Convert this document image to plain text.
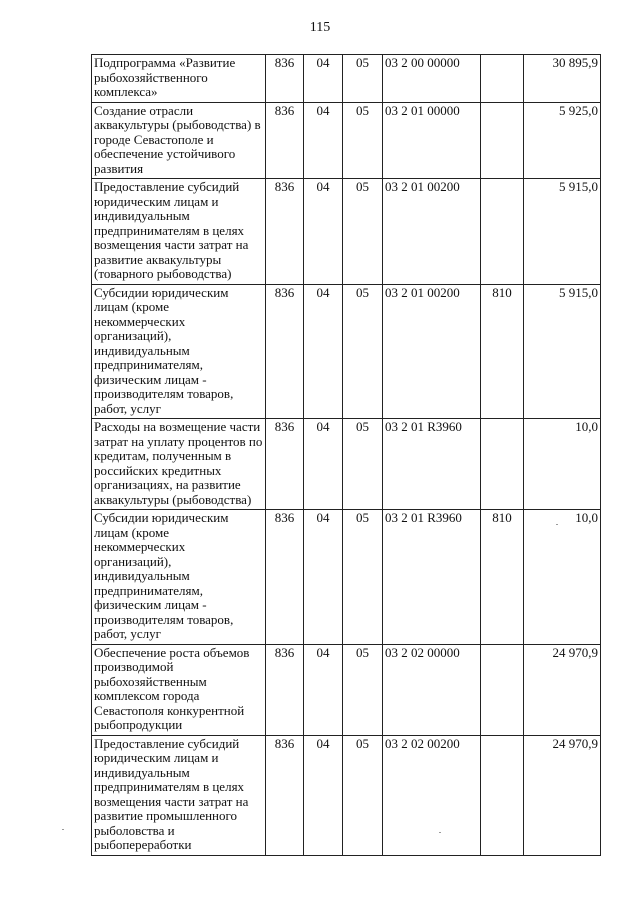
115
Подпрограмма «Развитие рыбохозяйственного комплекса»	836	04	05	03 2 00 00000		30 895,9
Создание отрасли аквакультуры (рыбоводства) в городе Севастополе и обеспечение устойчивого развития	836	04	05	03 2 01 00000		5 925,0
Предоставление субсидий юридическим лицам и индивидуальным предпринимателям в целях возмещения части затрат на развитие аквакультуры (товарного рыбоводства)	836	04	05	03 2 01 00200		5 915,0
Субсидии юридическим лицам (кроме некоммерческих организаций), индивидуальным предпринимателям, физическим лицам - производителям товаров, работ, услуг	836	04	05	03 2 01 00200	810	5 915,0
Расходы на возмещение части затрат на уплату процентов по кредитам, полученным в российских кредитных организациях, на развитие аквакультуры (рыбоводства)	836	04	05	03 2 01 R3960		10,0
Субсидии юридическим лицам (кроме некоммерческих организаций), индивидуальным предпринимателям, физическим лицам - производителям товаров, работ, услуг	836	04	05	03 2 01 R3960	810	10,0
Обеспечение роста объемов производимой рыбохозяйственным комплексом города Севастополя конкурентной рыбопродукции	836	04	05	03 2 02 00000		24 970,9
Предоставление субсидий юридическим лицам и индивидуальным предпринимателям в целях возмещения части затрат на развитие промышленного рыболовства и рыбопереработки	836	04	05	03 2 02 00200		24 970,9
